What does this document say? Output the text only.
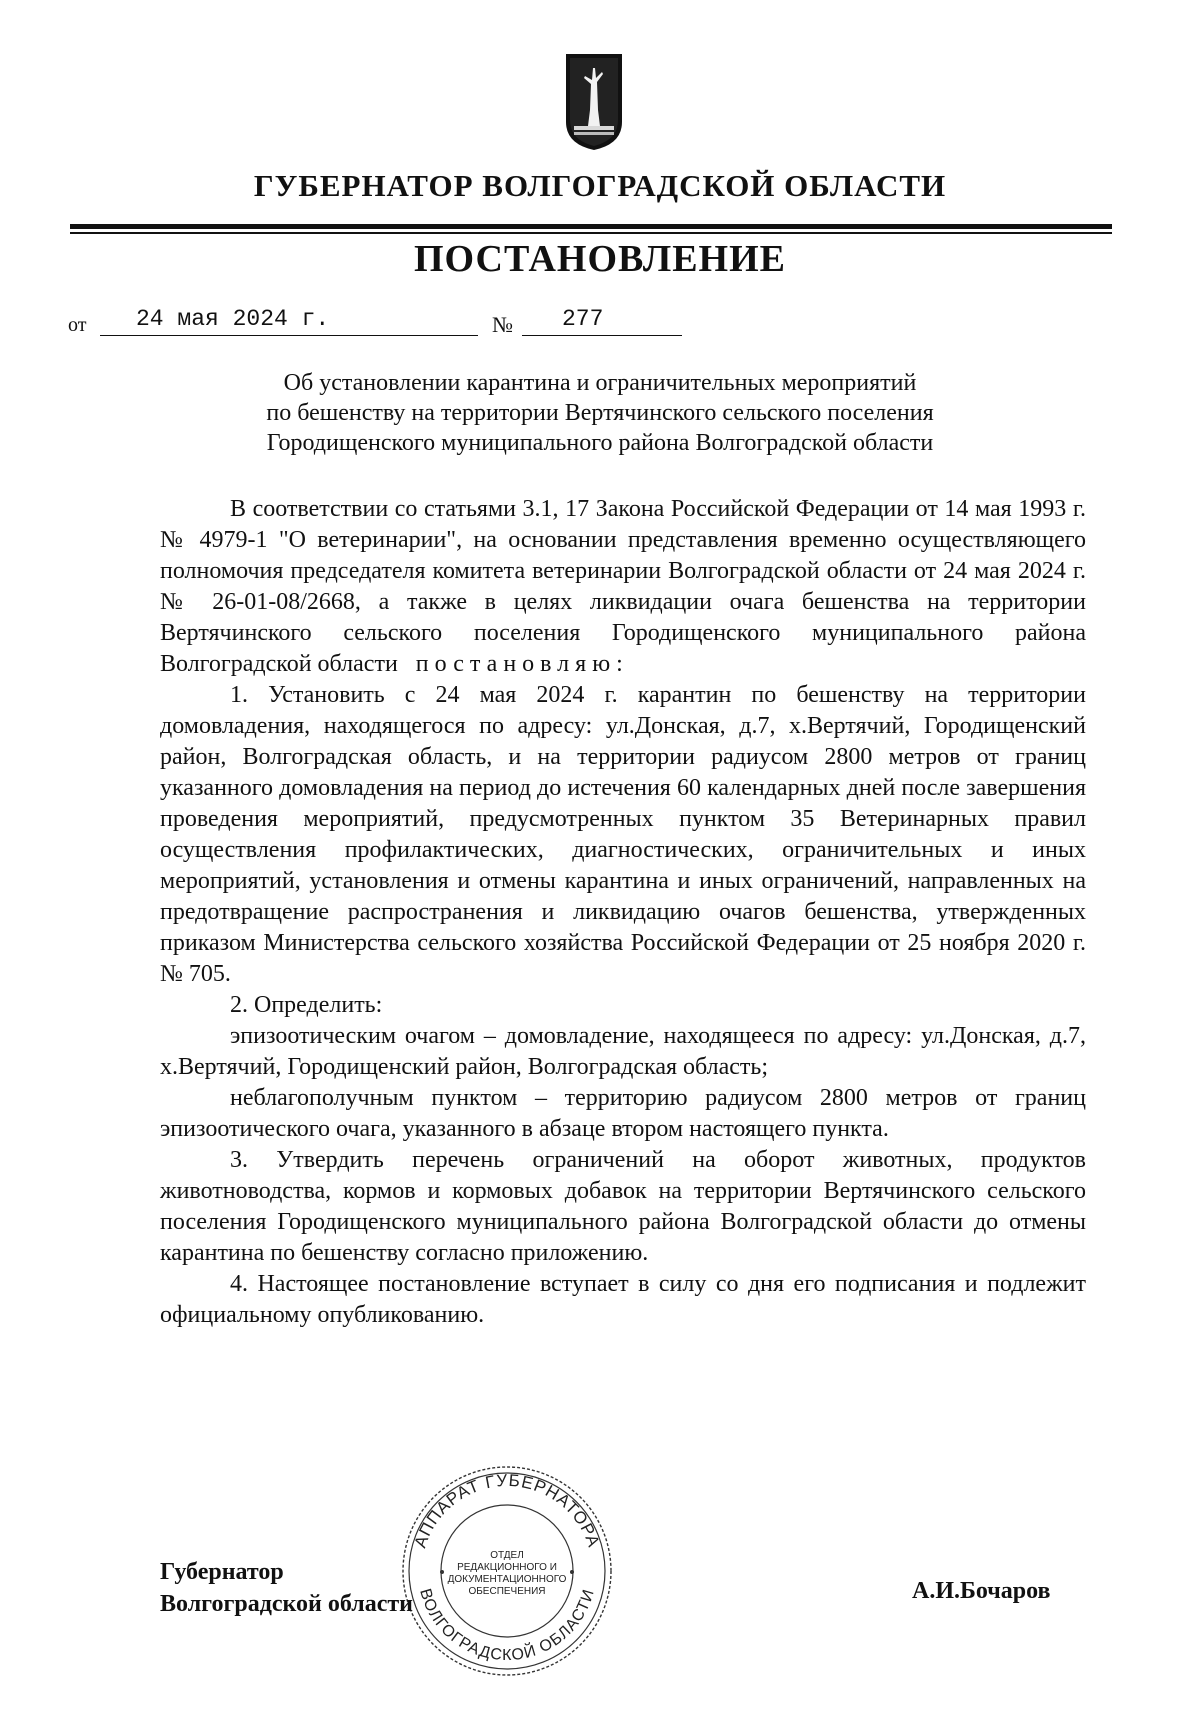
ГУБЕРНАТОР ВОЛГОГРАДСКОЙ ОБЛАСТИ
ПОСТАНОВЛЕНИЕ
от	24 мая 2024 г.	№	277
Об установлении карантина и ограничительных мероприятий
по бешенству на территории Вертячинского сельского поселения
Городищенского муниципального района Волгоградской области

В соответствии со статьями 3.1, 17 Закона Российской Федерации от 14 мая 1993 г. № 4979-1 "О ветеринарии", на основании представления временно осуществляющего полномочия председателя комитета ветеринарии Волгоградской области от 24 мая 2024 г. № 26-01-08/2668, а также в целях ликвидации очага бешенства на территории Вертячинского сельского поселения Городищенского муниципального района Волгоградской области постановляю:

1. Установить с 24 мая 2024 г. карантин по бешенству на территории домовладения, находящегося по адресу: ул.Донская, д.7, х.Вертячий, Городищенский район, Волгоградская область, и на территории радиусом 2800 метров от границ указанного домовладения на период до истечения 60 календарных дней после завершения проведения мероприятий, предусмотренных пунктом 35 Ветеринарных правил осуществления профилактических, диагностических, ограничительных и иных мероприятий, установления и отмены карантина и иных ограничений, направленных на предотвращение распространения и ликвидацию очагов бешенства, утвержденных приказом Министерства сельского хозяйства Российской Федерации от 25 ноября 2020 г. № 705.

2. Определить:

эпизоотическим очагом – домовладение, находящееся по адресу: ул.Донская, д.7, х.Вертячий, Городищенский район, Волгоградская область;

неблагополучным пунктом – территорию радиусом 2800 метров от границ эпизоотического очага, указанного в абзаце втором настоящего пункта.

3. Утвердить перечень ограничений на оборот животных, продуктов животноводства, кормов и кормовых добавок на территории Вертячинского сельского поселения Городищенского муниципального района Волгоградской области до отмены карантина по бешенству согласно приложению.

4. Настоящее постановление вступает в силу со дня его подписания и подлежит официальному опубликованию.

АППАРАТ ГУБЕРНАТОРА
ВОЛГОГРАДСКОЙ ОБЛАСТИ
ОТДЕЛ
РЕДАКЦИОННОГО И
ДОКУМЕНТАЦИОННОГО
ОБЕСПЕЧЕНИЯ
Губернатор
Волгоградской области	А.И.Бочаров
